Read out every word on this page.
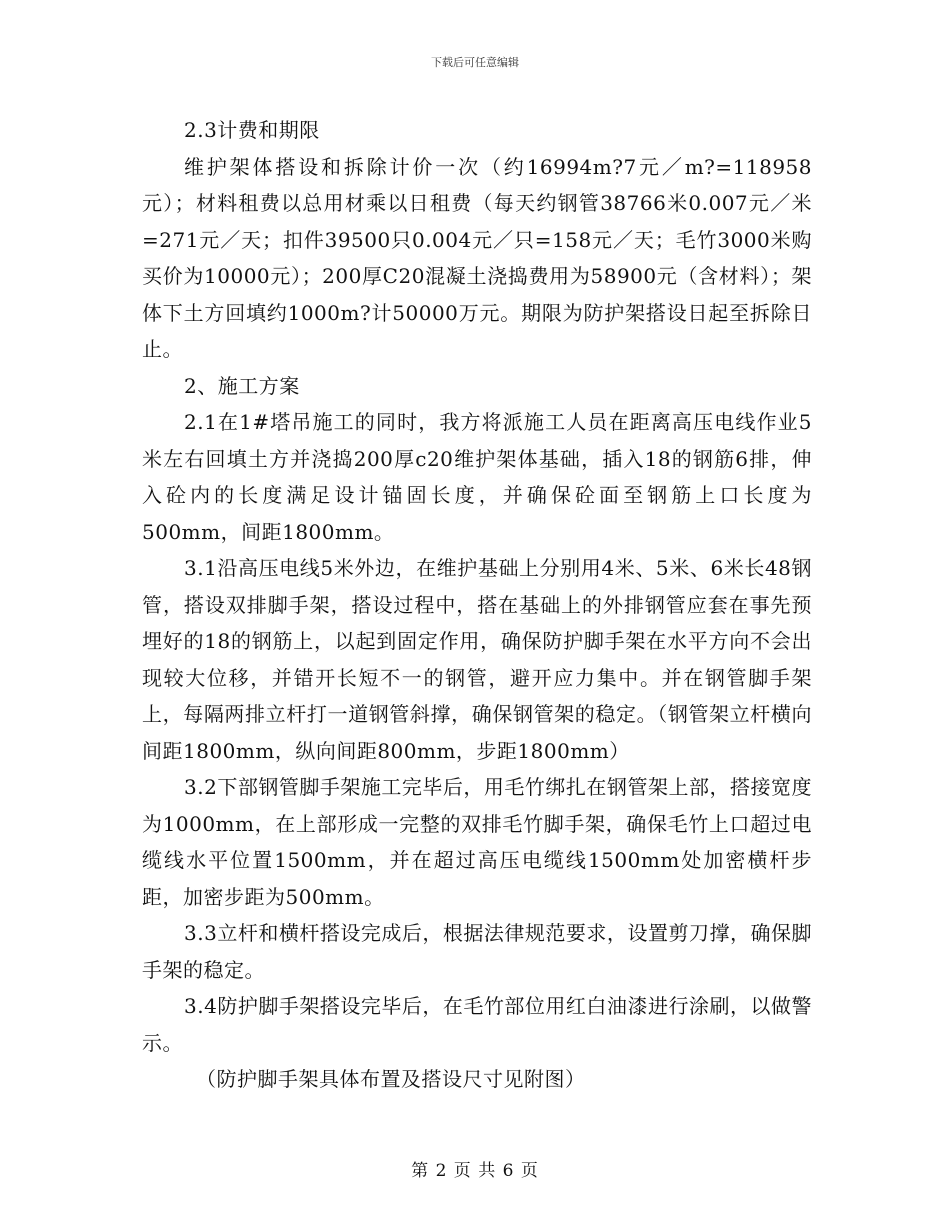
下载后可任意编辑

2.3计费和期限

维护架体搭设和拆除计价一次（约16994m?7元／m?=118958元）；材料租费以总用材乘以日租费（每天约钢管38766米0.007元／米=271元／天；扣件39500只0.004元／只=158元／天；毛竹3000米购买价为10000元）；200厚C20混凝土浇捣费用为58900元（含材料）；架体下土方回填约1000m?计50000万元。期限为防护架搭设日起至拆除日止。

2、施工方案

2.1在1#塔吊施工的同时，我方将派施工人员在距离高压电线作业5米左右回填土方并浇捣200厚c20维护架体基础，插入18的钢筋6排，伸入砼内的长度满足设计锚固长度，并确保砼面至钢筋上口长度为500mm，间距1800mm。

3.1沿高压电线5米外边，在维护基础上分别用4米、5米、6米长48钢管，搭设双排脚手架，搭设过程中，搭在基础上的外排钢管应套在事先预埋好的18的钢筋上，以起到固定作用，确保防护脚手架在水平方向不会出现较大位移，并错开长短不一的钢管，避开应力集中。并在钢管脚手架上，每隔两排立杆打一道钢管斜撑，确保钢管架的稳定。（钢管架立杆横向间距1800mm，纵向间距800mm，步距1800mm）

3.2下部钢管脚手架施工完毕后，用毛竹绑扎在钢管架上部，搭接宽度为1000mm，在上部形成一完整的双排毛竹脚手架，确保毛竹上口超过电缆线水平位置1500mm，并在超过高压电缆线1500mm处加密横杆步距，加密步距为500mm。

3.3立杆和横杆搭设完成后，根据法律规范要求，设置剪刀撑，确保脚手架的稳定。

3.4防护脚手架搭设完毕后，在毛竹部位用红白油漆进行涂刷，以做警示。

（防护脚手架具体布置及搭设尺寸见附图）

第 2 页 共 6 页
